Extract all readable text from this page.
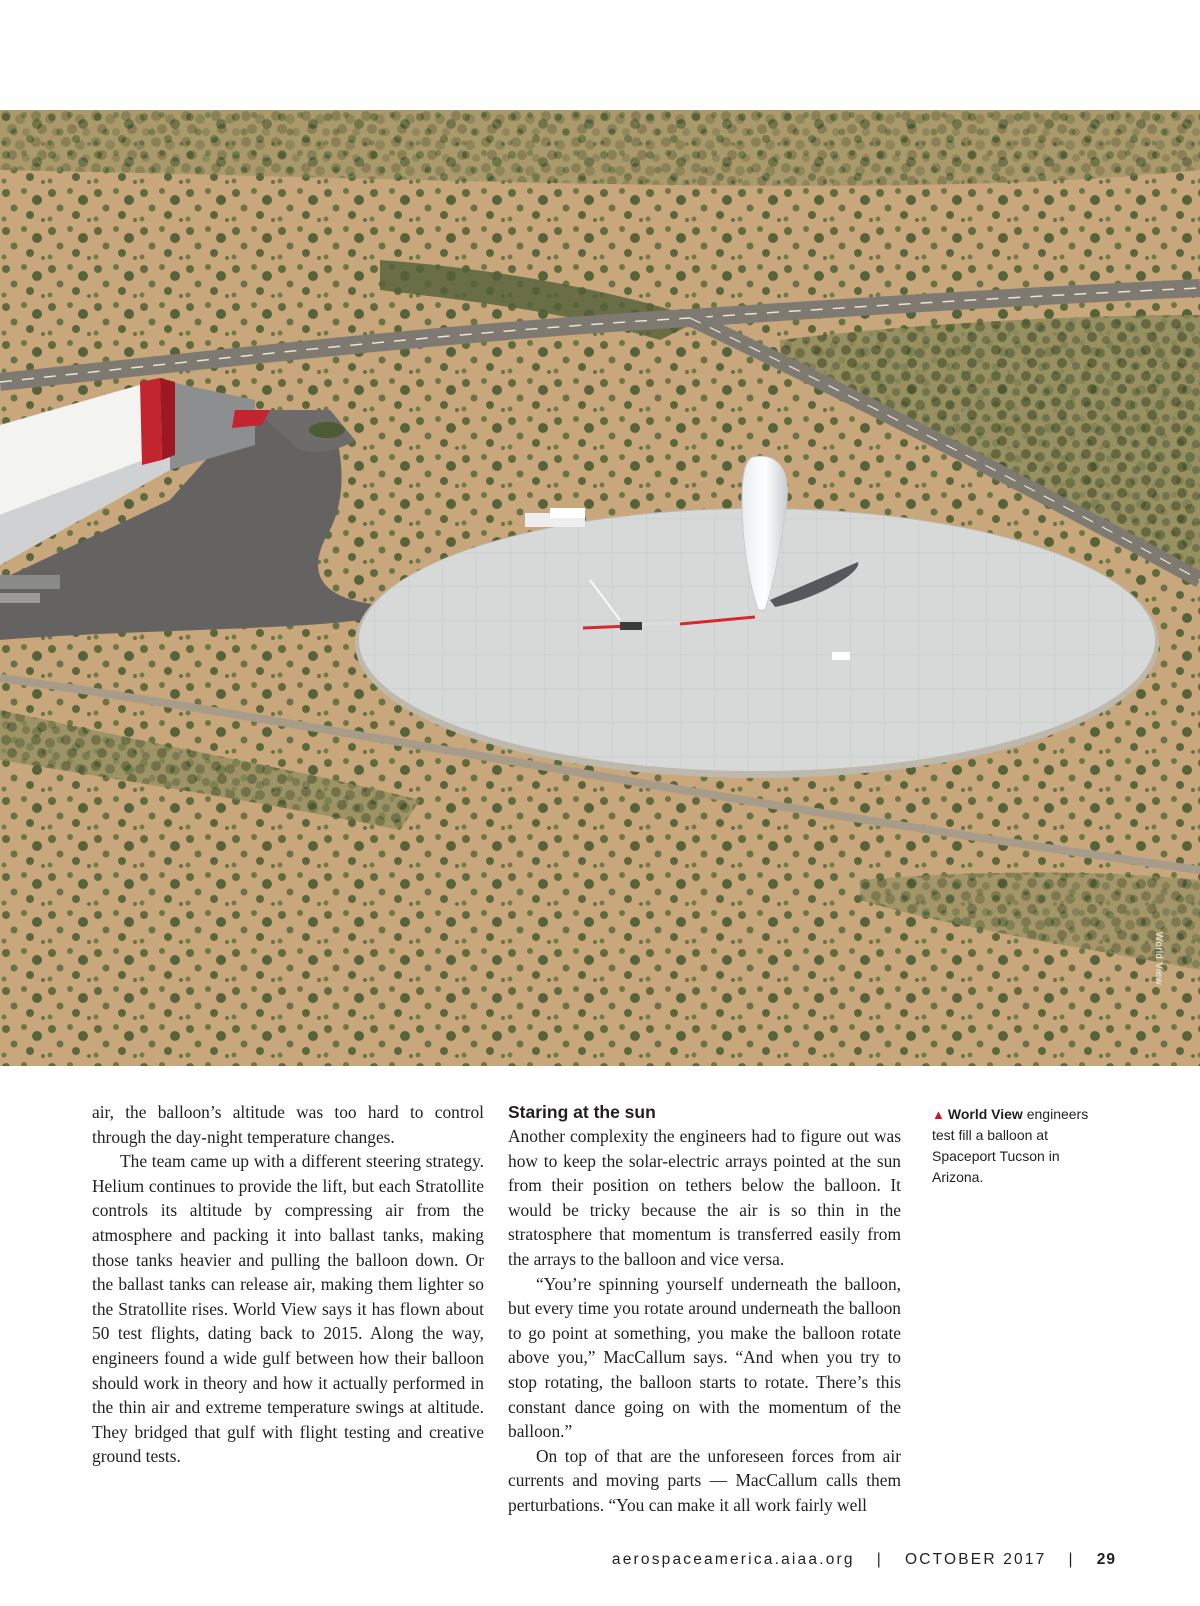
World View

air, the balloon’s altitude was too hard to control through the day-night temperature changes.

The team came up with a different steering strategy. Helium continues to provide the lift, but each Stratollite controls its altitude by compressing air from the atmosphere and packing it into ballast tanks, making those tanks heavier and pulling the balloon down. Or the ballast tanks can release air, making them lighter so the Stratollite rises. World View says it has flown about 50 test flights, dating back to 2015. Along the way, engineers found a wide gulf between how their balloon should work in theory and how it actually performed in the thin air and extreme temperature swings at altitude. They bridged that gulf with flight testing and creative ground tests.

Staring at the sun

Another complexity the engineers had to figure out was how to keep the solar-electric arrays pointed at the sun from their position on tethers below the balloon. It would be tricky because the air is so thin in the stratosphere that momentum is transferred easily from the arrays to the balloon and vice versa.

“You’re spinning yourself underneath the balloon, but every time you rotate around underneath the balloon to go point at something, you make the balloon rotate above you,” MacCallum says. “And when you try to stop rotating, the balloon starts to rotate. There’s this constant dance going on with the momentum of the balloon.”

On top of that are the unforeseen forces from air currents and moving parts — MacCallum calls them perturbations. “You can make it all work fairly well

▲ World View engineers test fill a balloon at Spaceport Tucson in Arizona.
aerospaceamerica.aiaa.org | OCTOBER 2017 | 29
